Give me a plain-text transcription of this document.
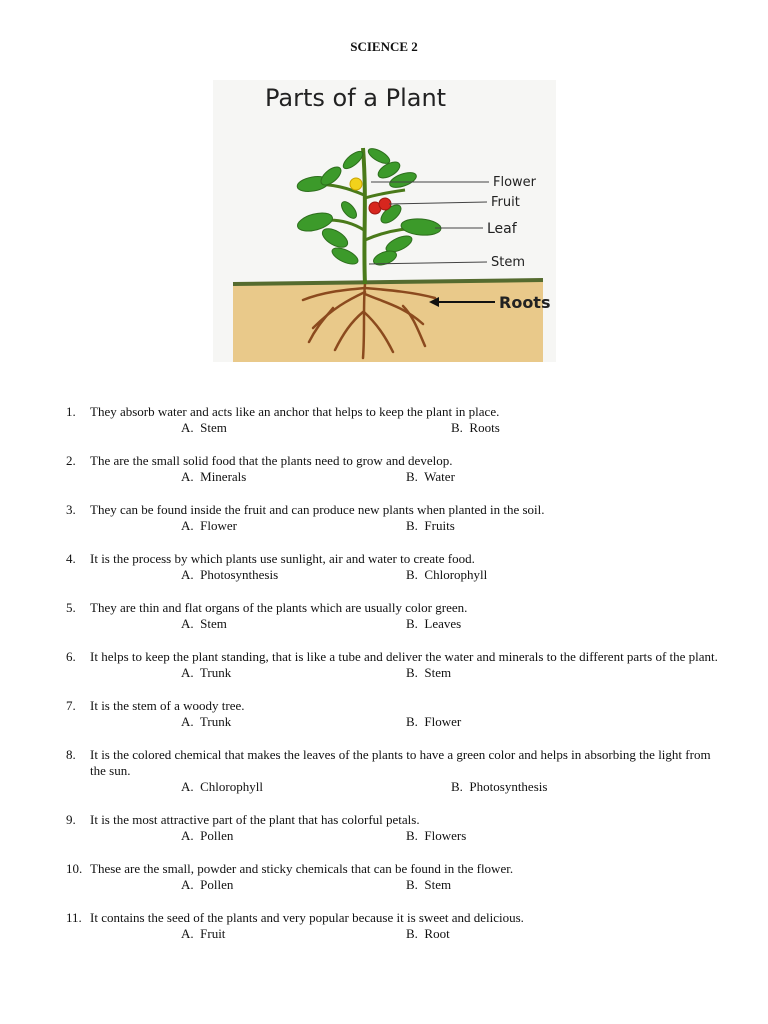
SCIENCE 2
Parts of a Plant
Flower
Fruit
Leaf
Stem
Roots
1.	They absorb water and acts like an anchor that helps to keep the plant in place.
A.  Stem	B.  Roots
2.	The are the small solid food that the plants need to grow and develop.
A.  Minerals	B.  Water
3.	They can be found inside the fruit and can produce new plants when planted in the soil.
A.  Flower	B.  Fruits
4.	It is the process by which plants use sunlight, air and water to create food.
A.  Photosynthesis	B.  Chlorophyll
5.	They are thin and flat organs of the plants which are usually color green.
A.  Stem	B.  Leaves
6.	It helps to keep the plant standing, that is like a tube and deliver the water and minerals to the different parts of the plant.
A.  Trunk	B.  Stem
7.	It is the stem of a woody tree.
A.  Trunk	B.  Flower
8.	It is the colored chemical that makes the leaves of the plants to have a green color and helps in absorbing the light from the sun.
A.  Chlorophyll	B.  Photosynthesis
9.	It is the most attractive part of the plant that has colorful petals.
A.  Pollen	B.  Flowers
10. These are the small, powder and sticky chemicals that can be found in the flower.
A.  Pollen	B.  Stem
11. It contains the seed of the plants and very popular because it is sweet and delicious.
A.  Fruit	B.  Root
